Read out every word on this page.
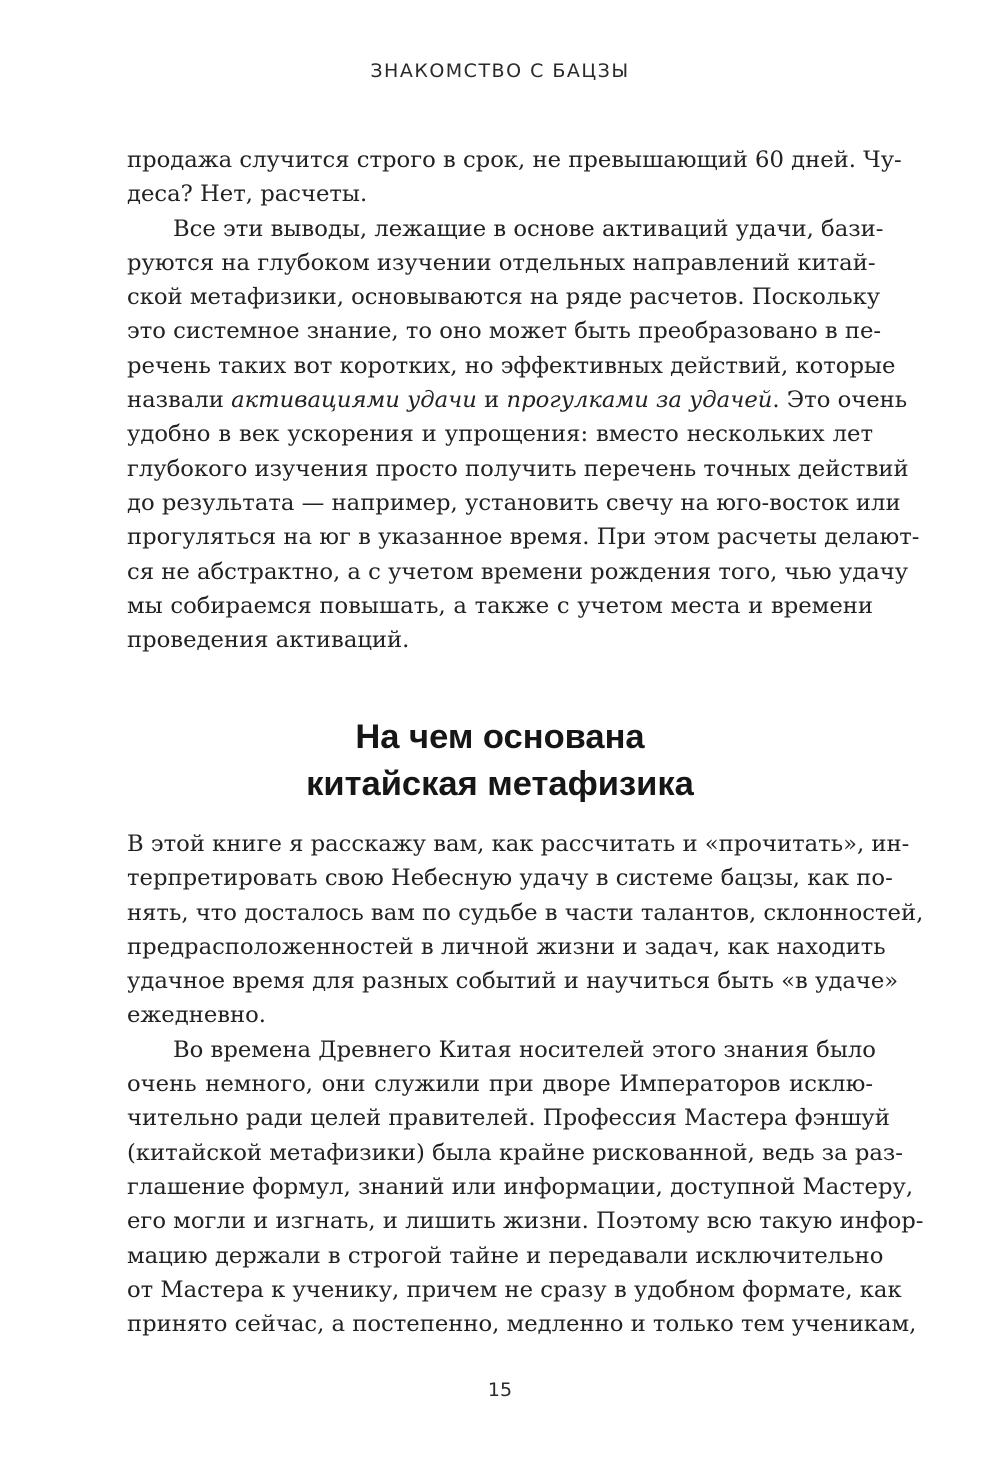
ЗНАКОМСТВО С БАЦЗЫ
продажа случится строго в срок, не превышающий 60 дней. Чу-
деса? Нет, расчеты.
Все эти выводы, лежащие в основе активаций удачи, бази-
руются на глубоком изучении отдельных направлений китай-
ской метафизики, основываются на ряде расчетов. Поскольку
это системное знание, то оно может быть преобразовано в пе-
речень таких вот коротких, но эффективных действий, которые
назвали активациями удачи и прогулками за удачей. Это очень
удобно в век ускорения и упрощения: вместо нескольких лет
глубокого изучения просто получить перечень точных действий
до результата — например, установить свечу на юго-восток или
прогуляться на юг в указанное время. При этом расчеты делают-
ся не абстрактно, а с учетом времени рождения того, чью удачу
мы собираемся повышать, а также с учетом места и времени
проведения активаций.
На чем основана
китайская метафизика
В этой книге я расскажу вам, как рассчитать и «прочитать», ин-
терпретировать свою Небесную удачу в системе бацзы, как по-
нять, что досталось вам по судьбе в части талантов, склонностей,
предрасположенностей в личной жизни и задач, как находить
удачное время для разных событий и научиться быть «в удаче»
ежедневно.
Во времена Древнего Китая носителей этого знания было
очень немного, они служили при дворе Императоров исклю-
чительно ради целей правителей. Профессия Мастера фэншуй
(китайской метафизики) была крайне рискованной, ведь за раз-
глашение формул, знаний или информации, доступной Мастеру,
его могли и изгнать, и лишить жизни. Поэтому всю такую инфор-
мацию держали в строгой тайне и передавали исключительно
от Мастера к ученику, причем не сразу в удобном формате, как
принято сейчас, а постепенно, медленно и только тем ученикам,
15
